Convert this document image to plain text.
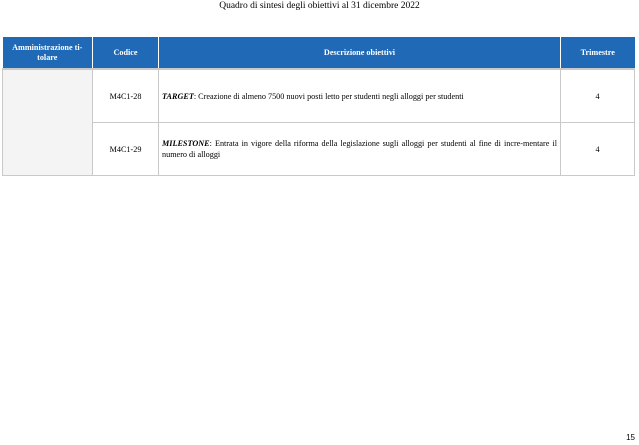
Quadro di sintesi degli obiettivi al 31 dicembre 2022
Amministrazione ti-tolare	Codice	Descrizione obiettivi	Trimestre
	M4C1-28	TARGET: Creazione di almeno 7500 nuovi posti letto per studenti negli alloggi per studenti	4
	M4C1-29	MILESTONE: Entrata in vigore della riforma della legislazione sugli alloggi per studenti al fine di incre-mentare il numero di alloggi	4
15
